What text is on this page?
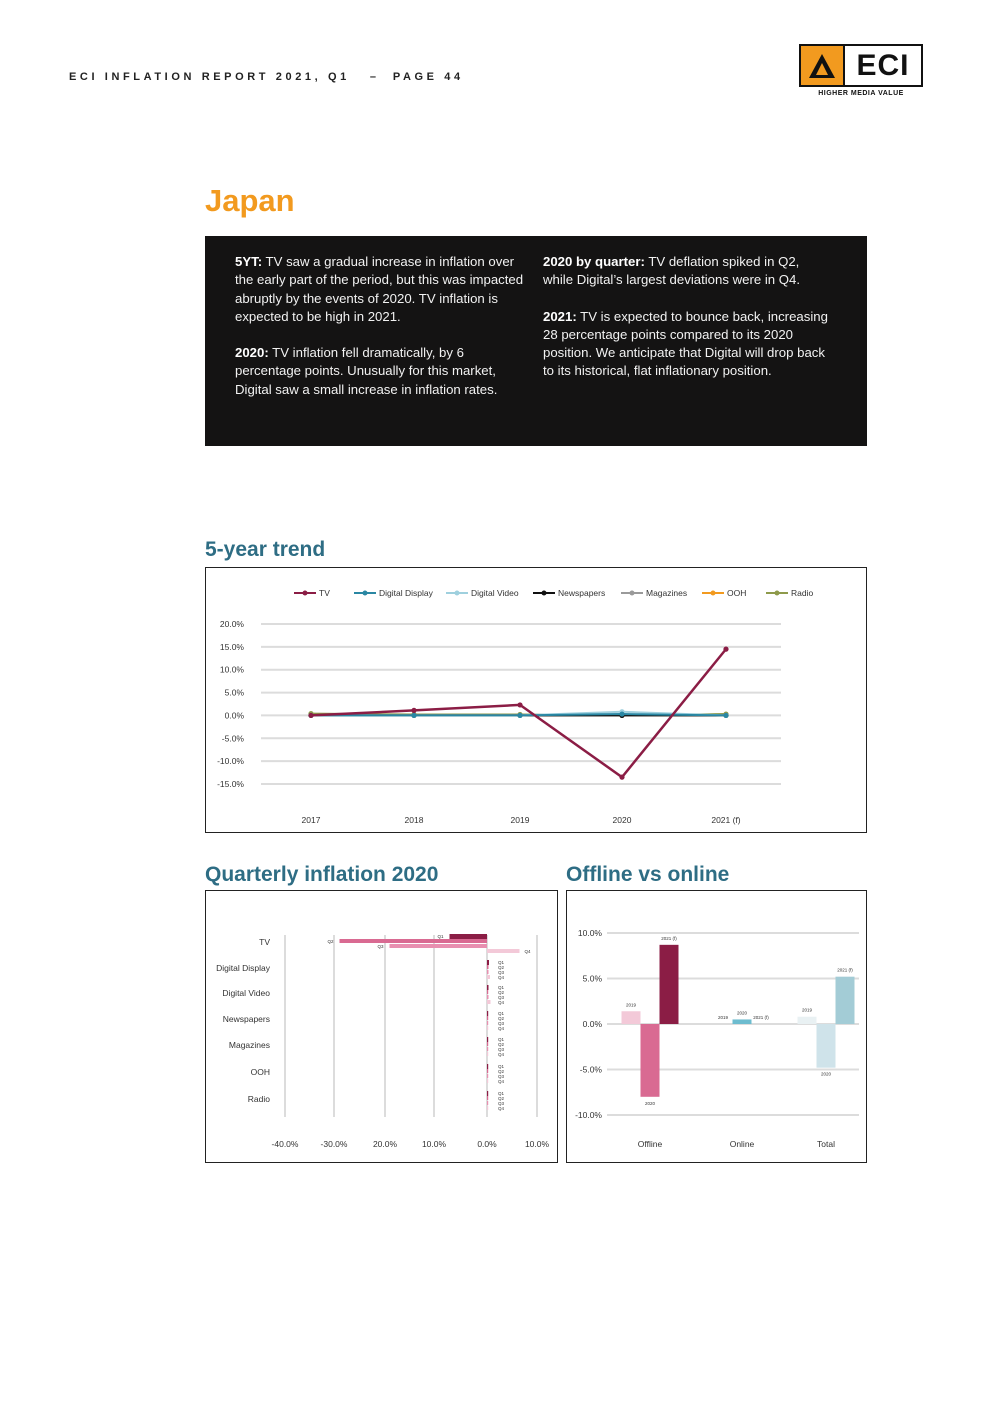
ECI INFLATION REPORT 2021, Q1 – PAGE 44	ECI
HIGHER MEDIA VALUE
Japan

5YT: TV saw a gradual increase in inflation over the early part of the period, but this was impacted abruptly by the events of 2020. TV inflation is expected to be high in 2021.

2020: TV inflation fell dramatically, by 6 percentage points. Unusually for this market, Digital saw a small increase in inflation rates.

2020 by quarter: TV deflation spiked in Q2, while Digital’s largest deviations were in Q4.

2021: TV is expected to bounce back, increasing 28 percentage points compared to its 2020 position. We anticipate that Digital will drop back to its historical, flat inflationary position.

5-year trend
20.0%
15.0%
10.0%
5.0%
0.0%
-5.0%
-10.0%
-15.0%
2017	2018	2019	2020	2021 (f)
TV	Digital Display	Digital Video	Newspapers	Magazines	OOH	Radio
Quarterly inflation 2020
-40.0%	-30.0%	20.0%	10.0%	0.0%	10.0%
TV
Q1
Q2
Q3
Q4
Digital Display
Q1
Q2
Q3
Q4
Digital Video
Q1
Q2
Q3
Q4
Newspapers
Q1
Q2
Q3
Q4
Magazines
Q1
Q2
Q3
Q4
OOH
Q1
Q2
Q3
Q4
Radio
Q1
Q2
Q3
Q4
Offline vs online
10.0%
5.0%
0.0%
-5.0%
-10.0%
Offline
2019
2020
2021 (f)
Online
2019
2020
2021 (f)
Total
2019
2020
2021 (f)
